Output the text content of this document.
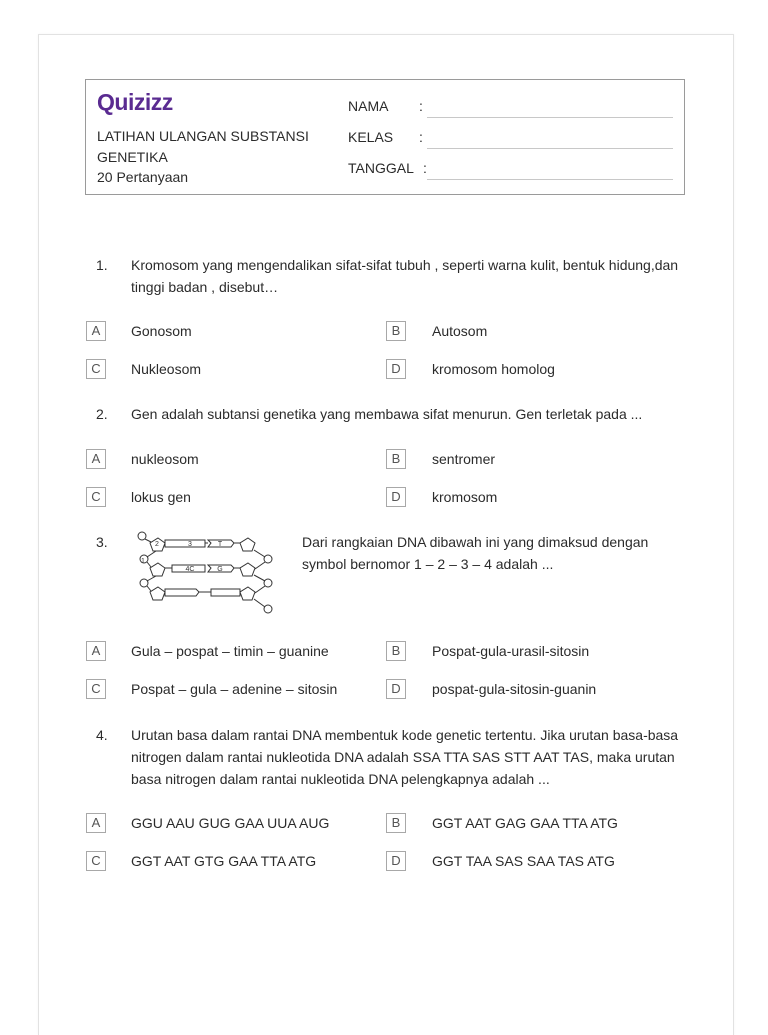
Quizizz
LATIHAN ULANGAN SUBSTANSI GENETIKA
20 Pertanyaan
NAMA :
KELAS :
TANGGAL :
1. Kromosom yang mengendalikan sifat-sifat tubuh , seperti warna kulit, bentuk hidung,dan tinggi badan , disebut…
A	Gonosom	B	Autosom
C	Nukleosom	D	kromosom homolog
2. Gen adalah subtansi genetika yang membawa sifat menurun. Gen terletak pada ...
A	nukleosom	B	sentromer
C	lokus gen	D	kromosom
3.
1
2	3	T
4C	G
Dari rangkaian DNA dibawah ini yang dimaksud dengan symbol bernomor 1 – 2 – 3 – 4 adalah ...
A	Gula – pospat – timin – guanine	B	Pospat-gula-urasil-sitosin
C	Pospat – gula – adenine – sitosin	D	pospat-gula-sitosin-guanin
4. Urutan basa dalam rantai DNA membentuk kode genetic tertentu. Jika urutan basa-basa nitrogen dalam rantai nukleotida DNA adalah SSA TTA SAS STT AAT TAS, maka urutan basa nitrogen dalam rantai nukleotida DNA pelengkapnya adalah ...
A	GGU AAU GUG GAA UUA AUG	B	GGT AAT GAG GAA TTA ATG
C	GGT AAT GTG GAA TTA ATG	D	GGT TAA SAS SAA TAS ATG
